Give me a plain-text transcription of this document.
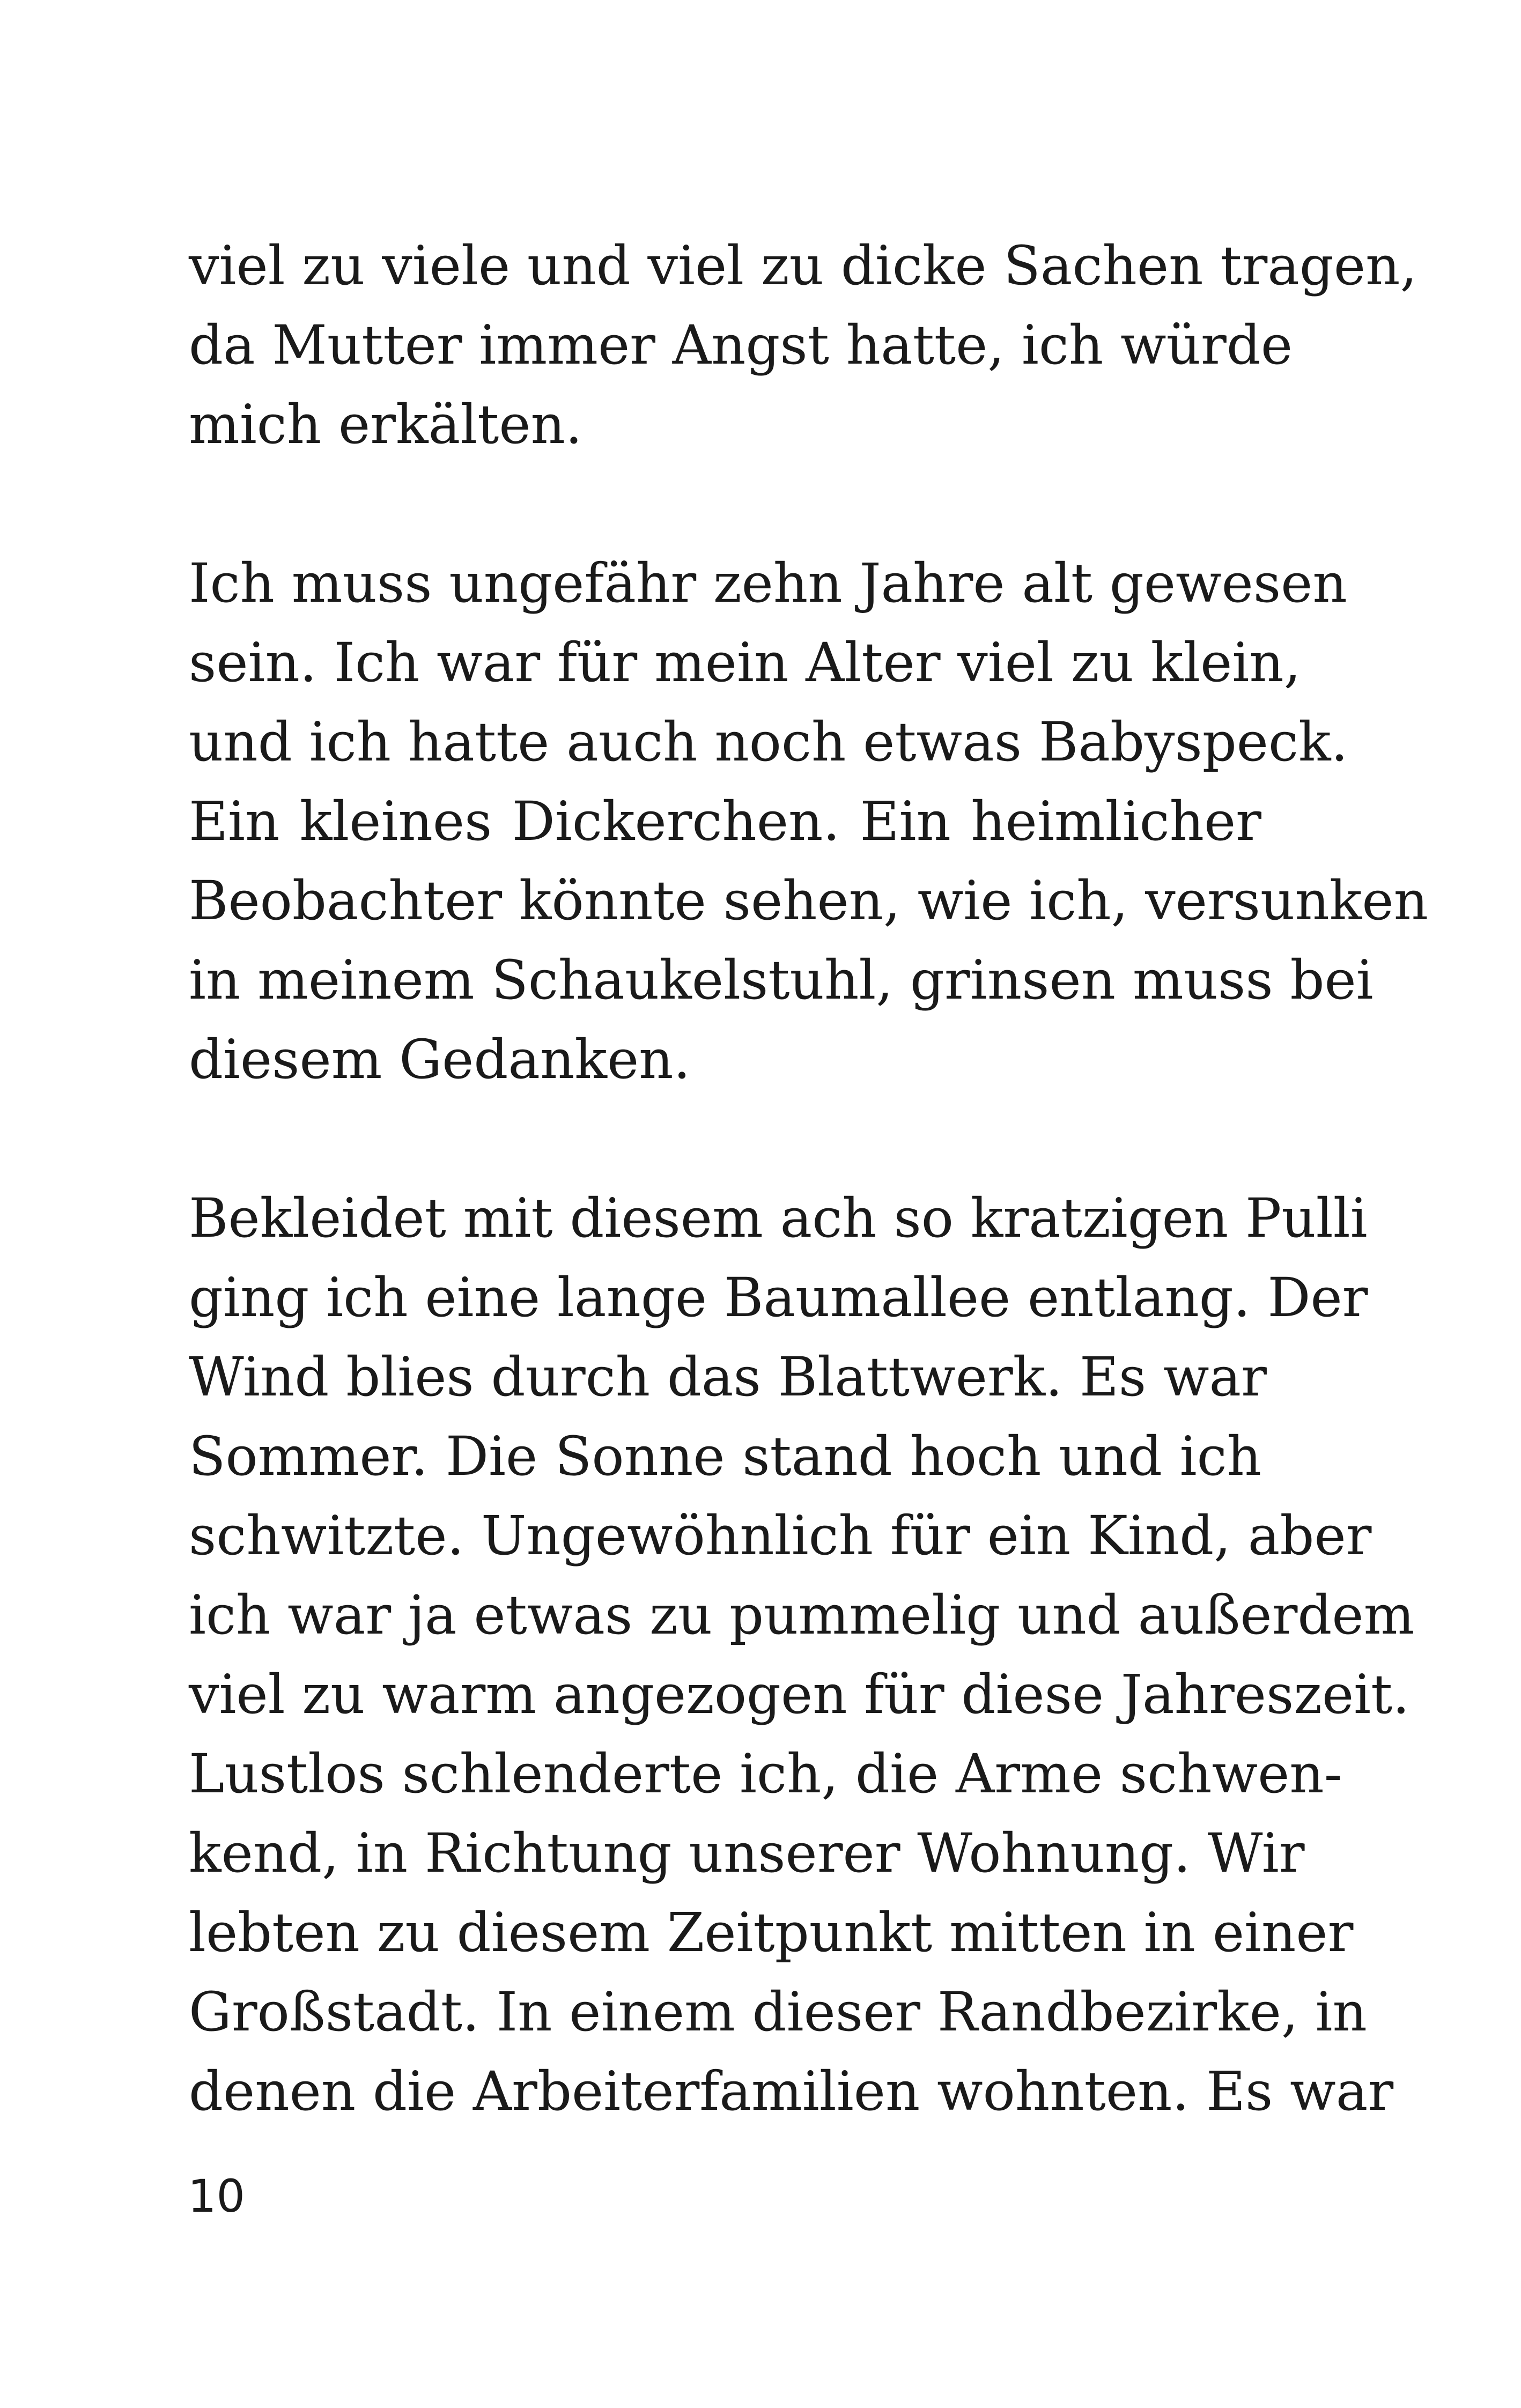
viel zu viele und viel zu dicke Sachen tragen,
da Mutter immer Angst hatte, ich würde
mich erkälten.
Ich muss ungefähr zehn Jahre alt gewesen
sein. Ich war für mein Alter viel zu klein,
und ich hatte auch noch etwas Babyspeck.
Ein kleines Dickerchen. Ein heimlicher
Beobachter könnte sehen, wie ich, versunken
in meinem Schaukelstuhl, grinsen muss bei
diesem Gedanken.
Bekleidet mit diesem ach so kratzigen Pulli
ging ich eine lange Baumallee entlang. Der
Wind blies durch das Blattwerk. Es war
Sommer. Die Sonne stand hoch und ich
schwitzte. Ungewöhnlich für ein Kind, aber
ich war ja etwas zu pummelig und außerdem
viel zu warm angezogen für diese Jahreszeit.
Lustlos schlenderte ich, die Arme schwen-
kend, in Richtung unserer Wohnung. Wir
lebten zu diesem Zeitpunkt mitten in einer
Großstadt. In einem dieser Randbezirke, in
denen die Arbeiterfamilien wohnten. Es war
10
